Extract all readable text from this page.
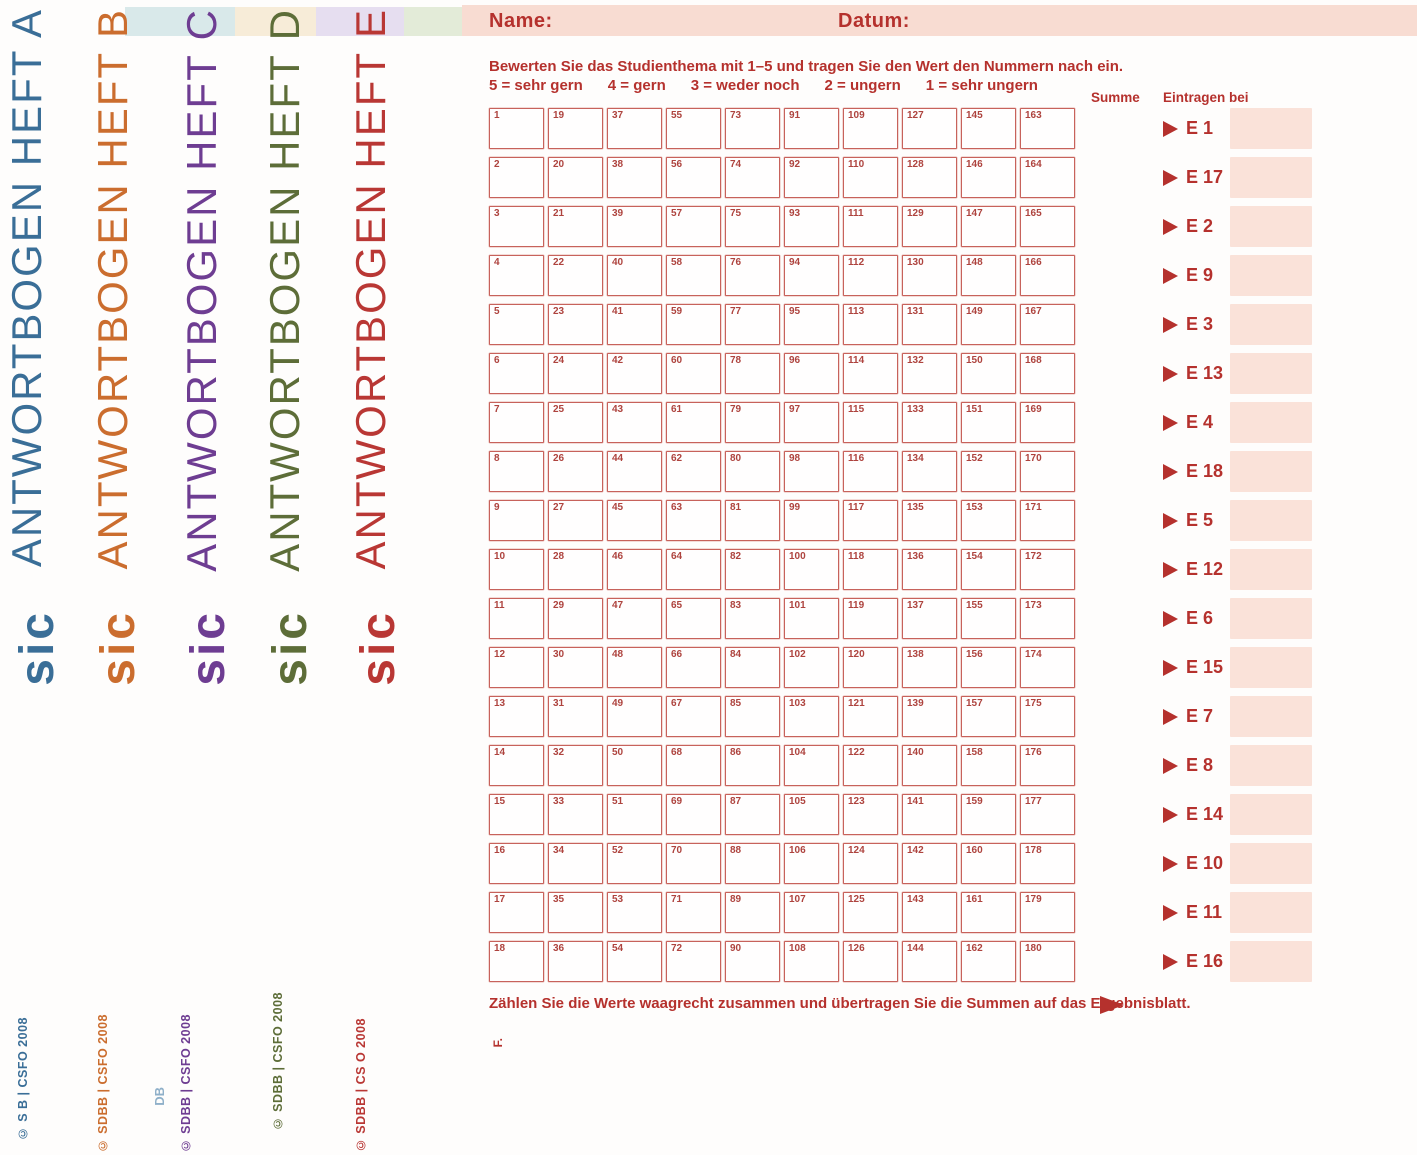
Name:	Datum:
ANTWORTBOGEN HEFT A
sic
© S B | CSFO 2008
ANTWORTBOGEN HEFT B
sic
© SDBB | CSFO 2008
ANTWORTBOGEN HEFT C
sic
© SDBB | CSFO 2008
DB
ANTWORTBOGEN HEFT D
sic
© SDBB | CSFO 2008
ANTWORTBOGEN HEFT E
sic
© SDBB | CS O 2008
Bewerten Sie das Studienthema mit 1–5 und tragen Sie den Wert den Nummern nach ein.
5 = sehr gern      4 = gern      3 = weder noch      2 = ungern      1 = sehr ungern
1	19	37	55	73	91	109	127	145	163
2	20	38	56	74	92	110	128	146	164
3	21	39	57	75	93	111	129	147	165
4	22	40	58	76	94	112	130	148	166
5	23	41	59	77	95	113	131	149	167
6	24	42	60	78	96	114	132	150	168
7	25	43	61	79	97	115	133	151	169
8	26	44	62	80	98	116	134	152	170
9	27	45	63	81	99	117	135	153	171
10	28	46	64	82	100	118	136	154	172
11	29	47	65	83	101	119	137	155	173
12	30	48	66	84	102	120	138	156	174
13	31	49	67	85	103	121	139	157	175
14	32	50	68	86	104	122	140	158	176
15	33	51	69	87	105	123	141	159	177
16	34	52	70	88	106	124	142	160	178
17	35	53	71	89	107	125	143	161	179
18	36	54	72	90	108	126	144	162	180
Summe Eintragen bei
E 1
E 17
E 2
E 9
E 3
E 13
E 4
E 18
E 5
E 12
E 6
E 15
E 7
E 8
E 14
E 10
E 11
E 16
Zählen Sie die Werte waagrecht zusammen und übertragen Sie die Summen auf das Ergebnisblatt.
F.
